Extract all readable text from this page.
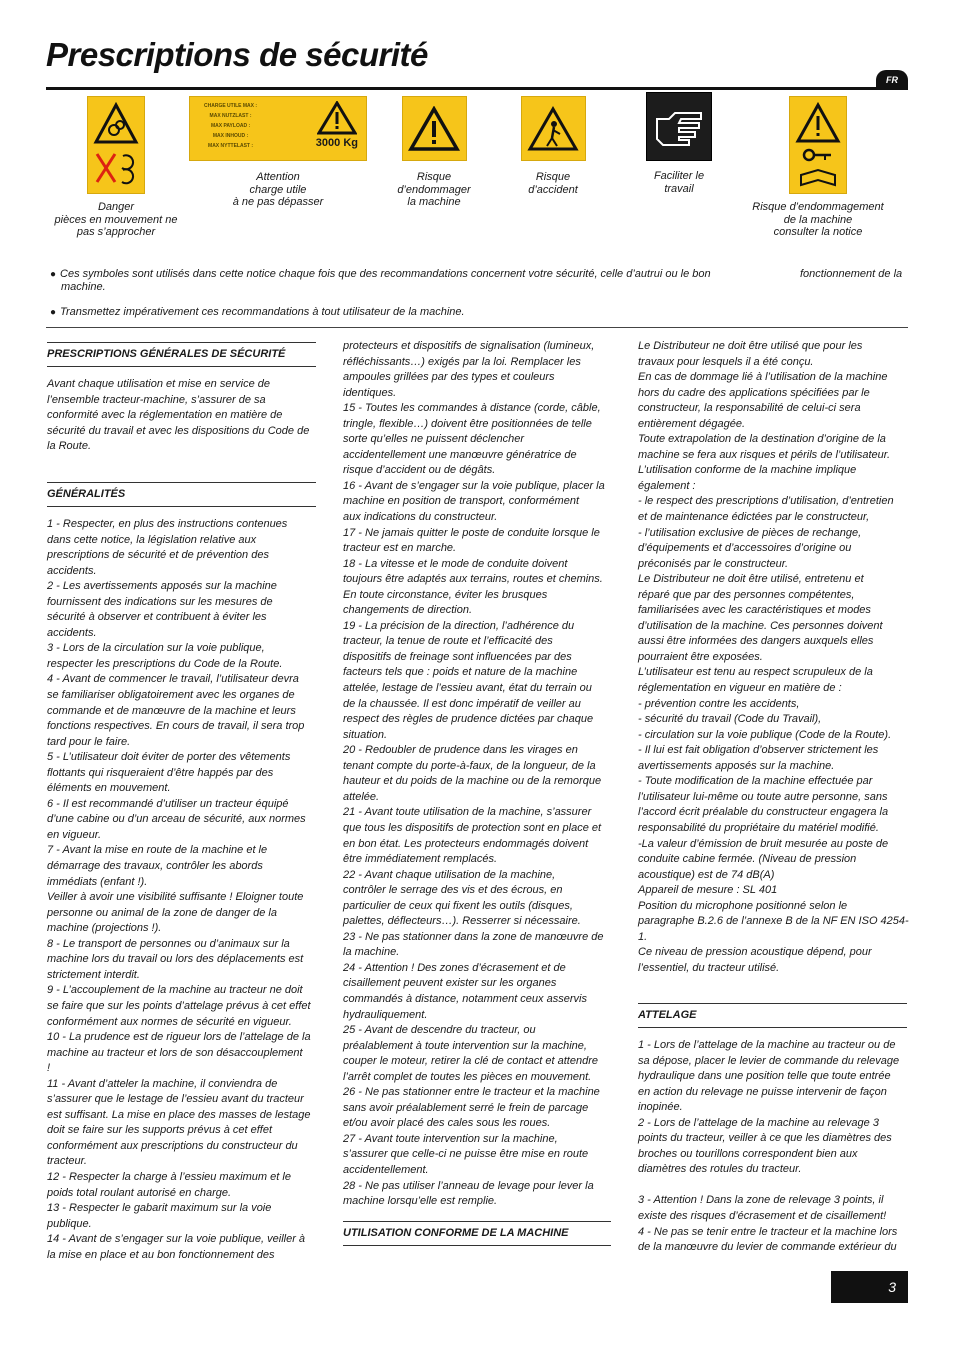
Prescriptions de sécurité
FR
Danger
pièces en mouvement ne
pas s’approcher
CHARGE UTILE MAX :
MAX NUTZLAST :
MAX PAYLOAD :
MAX INHOUD :
MAX NYTTELAST :	3000 Kg
Attention
charge utile
à ne pas dépasser
Risque
d’endommager
la machine
Risque
d’accident
Faciliter le
travail
Risque d’endommagement
de la machine
consulter la notice
● Ces symboles sont utilisés dans cette notice chaque fois que des recommandations concernent votre sécurité, celle d’autrui ou le bon	fonctionnement de la
machine.
● Transmettez impérativement ces recommandations à tout utilisateur de la machine.
PRESCRIPTIONS GÉNÉRALES DE SÉCURITÉ
Avant chaque utilisation et mise en service de
l’ensemble tracteur-machine, s’assurer de sa
conformité avec la réglementation en matière de
sécurité du travail et avec les dispositions du Code de
la Route.
GÉNÉRALITÉS
1 - Respecter, en plus des instructions contenues
dans cette notice, la législation relative aux
prescriptions de sécurité et de prévention des
accidents.
2 - Les avertissements apposés sur la machine
fournissent des indications sur les mesures de
sécurité à observer et contribuent à éviter les
accidents.
3 - Lors de la circulation sur la voie publique,
respecter les prescriptions du Code de la Route.
4 - Avant de commencer le travail, l’utilisateur devra
se familiariser obligatoirement avec les organes de
commande et de manœuvre de la machine et leurs
fonctions respectives. En cours de travail, il sera trop
tard pour le faire.
5 - L’utilisateur doit éviter de porter des vêtements
flottants qui risqueraient d’être happés par des
éléments en mouvement.
6 - Il est recommandé d’utiliser un tracteur équipé
d’une cabine ou d’un arceau de sécurité, aux normes
en vigueur.
7 - Avant la mise en route de la machine et le
démarrage des travaux, contrôler les abords
immédiats (enfant !).
Veiller à avoir une visibilité suffisante ! Eloigner toute
personne ou animal de la zone de danger de la
machine (projections !).
8 - Le transport de personnes ou d’animaux sur la
machine lors du travail ou lors des déplacements est
strictement interdit.
9 - L’accouplement de la machine au tracteur ne doit
se faire que sur les points d’attelage prévus à cet effet
conformément aux normes de sécurité en vigueur.
10 - La prudence est de rigueur lors de l’attelage de la
machine au tracteur et lors de son désaccouplement
!
11 - Avant d’atteler la machine, il conviendra de
s’assurer que le lestage de l’essieu avant du tracteur
est suffisant. La mise en place des masses de lestage
doit se faire sur les supports prévus à cet effet
conformément aux prescriptions du constructeur du
tracteur.
12 - Respecter la charge à l’essieu maximum et le
poids total roulant autorisé en charge.
13 - Respecter le gabarit maximum sur la voie
publique.
14 - Avant de s’engager sur la voie publique, veiller à
la mise en place et au bon fonctionnement des
protecteurs et dispositifs de signalisation (lumineux,
réfléchissants…) exigés par la loi. Remplacer les
ampoules grillées par des types et couleurs
identiques.
15 - Toutes les commandes à distance (corde, câble,
tringle, flexible…) doivent être positionnées de telle
sorte qu’elles ne puissent déclencher
accidentellement une manœuvre génératrice de
risque d’accident ou de dégâts.
16 - Avant de s’engager sur la voie publique, placer la
machine en position de transport, conformément
aux indications du constructeur.
17 - Ne jamais quitter le poste de conduite lorsque le
tracteur est en marche.
18 - La vitesse et le mode de conduite doivent
toujours être adaptés aux terrains, routes et chemins.
En toute circonstance, éviter les brusques
changements de direction.
19 - La précision de la direction, l’adhérence du
tracteur, la tenue de route et l’efficacité des
dispositifs de freinage sont influencées par des
facteurs tels que : poids et nature de la machine
attelée, lestage de l’essieu avant, état du terrain ou
de la chaussée. Il est donc impératif de veiller au
respect des règles de prudence dictées par chaque
situation.
20 - Redoubler de prudence dans les virages en
tenant compte du porte-à-faux, de la longueur, de la
hauteur et du poids de la machine ou de la remorque
attelée.
21 - Avant toute utilisation de la machine, s’assurer
que tous les dispositifs de protection sont en place et
en bon état. Les protecteurs endommagés doivent
être immédiatement remplacés.
22 - Avant chaque utilisation de la machine,
contrôler le serrage des vis et des écrous, en
particulier de ceux qui fixent les outils (disques,
palettes, déflecteurs…). Resserrer si nécessaire.
23 - Ne pas stationner dans la zone de manœuvre de
la machine.
24 - Attention ! Des zones d’écrasement et de
cisaillement peuvent exister sur les organes
commandés à distance, notamment ceux asservis
hydrauliquement.
25 - Avant de descendre du tracteur, ou
préalablement à toute intervention sur la machine,
couper le moteur, retirer la clé de contact et attendre
l’arrêt complet de toutes les pièces en mouvement.
26 - Ne pas stationner entre le tracteur et la machine
sans avoir préalablement serré le frein de parcage
et/ou avoir placé des cales sous les roues.
27 - Avant toute intervention sur la machine,
s’assurer que celle-ci ne puisse être mise en route
accidentellement.
28 - Ne pas utiliser l’anneau de levage pour lever la
machine lorsqu’elle est remplie.
UTILISATION CONFORME DE LA MACHINE
Le Distributeur ne doit être utilisé que pour les
travaux pour lesquels il a été conçu.
En cas de dommage lié à l’utilisation de la machine
hors du cadre des applications spécifiées par le
constructeur, la responsabilité de celui-ci sera
entièrement dégagée.
Toute extrapolation de la destination d’origine de la
machine se fera aux risques et périls de l’utilisateur.
L’utilisation conforme de la machine implique
également :
- le respect des prescriptions d’utilisation, d’entretien
et de maintenance édictées par le constructeur,
- l’utilisation exclusive de pièces de rechange,
d’équipements et d’accessoires d’origine ou
préconisés par le constructeur.
Le Distributeur ne doit être utilisé, entretenu et
réparé que par des personnes compétentes,
familiarisées avec les caractéristiques et modes
d’utilisation de la machine. Ces personnes doivent
aussi être informées des dangers auxquels elles
pourraient être exposées.
L’utilisateur est tenu au respect scrupuleux de la
réglementation en vigueur en matière de :
- prévention contre les accidents,
- sécurité du travail (Code du Travail),
- circulation sur la voie publique (Code de la Route).
- Il lui est fait obligation d’observer strictement les
avertissements apposés sur la machine.
- Toute modification de la machine effectuée par
l’utilisateur lui-même ou toute autre personne, sans
l’accord écrit préalable du constructeur engagera la
responsabilité du propriétaire du matériel modifié.
-La valeur d’émission de bruit mesurée au poste de
conduite cabine fermée. (Niveau de pression
acoustique) est de 74 dB(A)
Appareil de mesure : SL 401
Position du microphone positionné selon le
paragraphe B.2.6 de l’annexe B de la NF EN ISO 4254-
1.
Ce niveau de pression acoustique dépend, pour
l’essentiel, du tracteur utilisé.
ATTELAGE
1 - Lors de l’attelage de la machine au tracteur ou de
sa dépose, placer le levier de commande du relevage
hydraulique dans une position telle que toute entrée
en action du relevage ne puisse intervenir de façon
inopinée.
2 - Lors de l’attelage de la machine au relevage 3
points du tracteur, veiller à ce que les diamètres des
broches ou tourillons correspondent bien aux
diamètres des rotules du tracteur.

3 - Attention ! Dans la zone de relevage 3 points, il
existe des risques d’écrasement et de cisaillement!
4 - Ne pas se tenir entre le tracteur et la machine lors
de la manœuvre du levier de commande extérieur du
3
